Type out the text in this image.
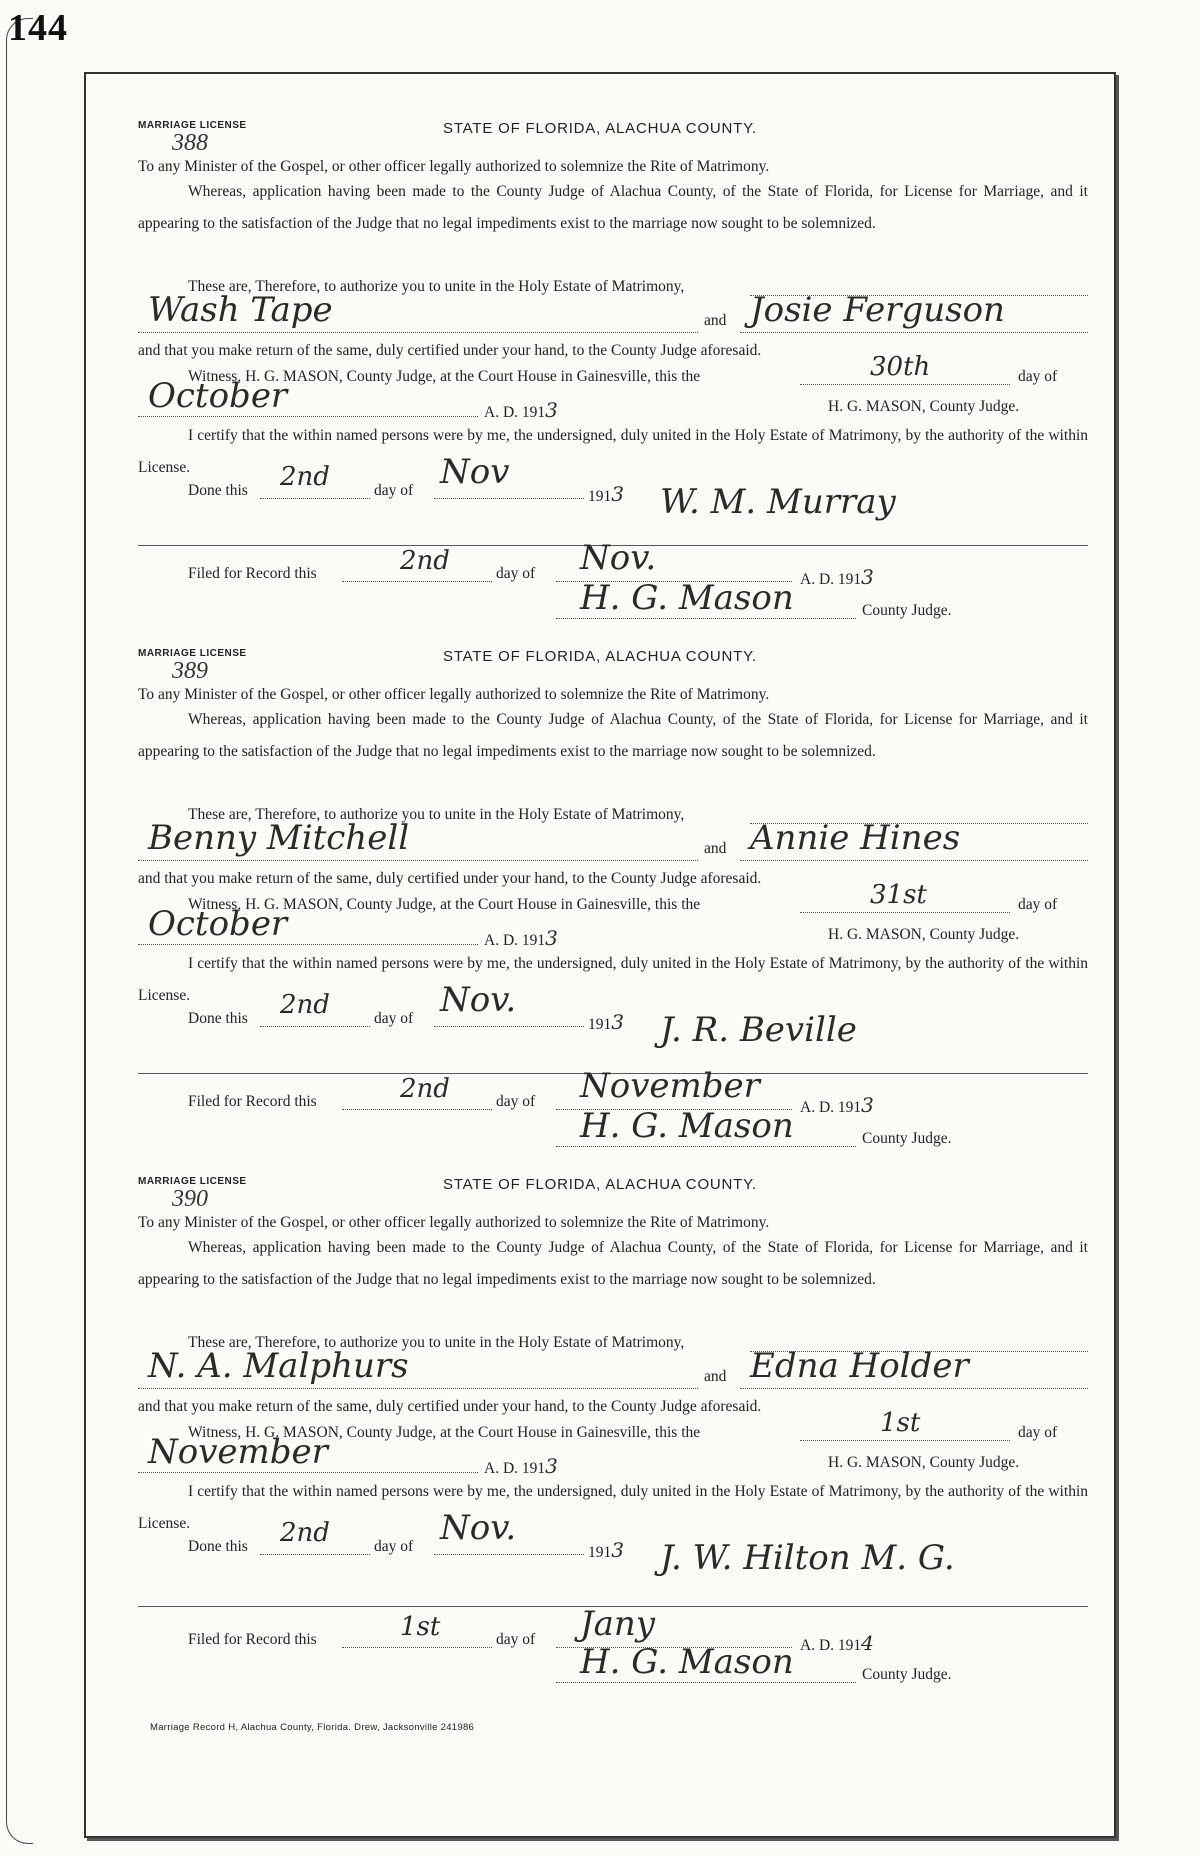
144
MARRIAGE LICENSE
388
STATE OF FLORIDA, ALACHUA COUNTY.
To any Minister of the Gospel, or other officer legally authorized to solemnize the Rite of Matrimony.
Whereas, application having been made to the County Judge of Alachua County, of the State of Florida, for License for Marriage, and it appearing to the satisfaction of the Judge that no legal impediments exist to the marriage now sought to be solemnized.
These are, Therefore, to authorize you to unite in the Holy Estate of Matrimony,
Wash Tape	and Josie Ferguson
and that you make return of the same, duly certified under your hand, to the County Judge aforesaid.
Witness, H. G. MASON, County Judge, at the Court House in Gainesville, this the	30th	day of
October	A. D. 1913	H. G. MASON, County Judge.
I certify that the within named persons were by me, the undersigned, duly united in the Holy Estate of Matrimony, by the authority of the within License.
Done this 2nd	day of Nov
1913 W. M. Murray
Filed for Record this	2nd	day of Nov.
A. D. 1913
H. G. Mason	County Judge.
MARRIAGE LICENSE
389
STATE OF FLORIDA, ALACHUA COUNTY.
To any Minister of the Gospel, or other officer legally authorized to solemnize the Rite of Matrimony.
Whereas, application having been made to the County Judge of Alachua County, of the State of Florida, for License for Marriage, and it appearing to the satisfaction of the Judge that no legal impediments exist to the marriage now sought to be solemnized.
These are, Therefore, to authorize you to unite in the Holy Estate of Matrimony,
Benny Mitchell	and Annie Hines
and that you make return of the same, duly certified under your hand, to the County Judge aforesaid.
Witness, H. G. MASON, County Judge, at the Court House in Gainesville, this the	31st	day of
October	A. D. 1913	H. G. MASON, County Judge.
I certify that the within named persons were by me, the undersigned, duly united in the Holy Estate of Matrimony, by the authority of the within License.
Done this 2nd	day of Nov.
1913 J. R. Beville
Filed for Record this	2nd	day of November
A. D. 1913
H. G. Mason	County Judge.
MARRIAGE LICENSE
390
STATE OF FLORIDA, ALACHUA COUNTY.
To any Minister of the Gospel, or other officer legally authorized to solemnize the Rite of Matrimony.
Whereas, application having been made to the County Judge of Alachua County, of the State of Florida, for License for Marriage, and it appearing to the satisfaction of the Judge that no legal impediments exist to the marriage now sought to be solemnized.
These are, Therefore, to authorize you to unite in the Holy Estate of Matrimony,
N. A. Malphurs	and Edna Holder
and that you make return of the same, duly certified under your hand, to the County Judge aforesaid.
Witness, H. G. MASON, County Judge, at the Court House in Gainesville, this the	1st	day of
November	A. D. 1913	H. G. MASON, County Judge.
I certify that the within named persons were by me, the undersigned, duly united in the Holy Estate of Matrimony, by the authority of the within License.
Done this 2nd	day of Nov.
1913 J. W. Hilton M. G.
Filed for Record this	1st	day of Jany
A. D. 1914
H. G. Mason	County Judge.
Marriage Record H, Alachua County, Florida. Drew, Jacksonville 241986
